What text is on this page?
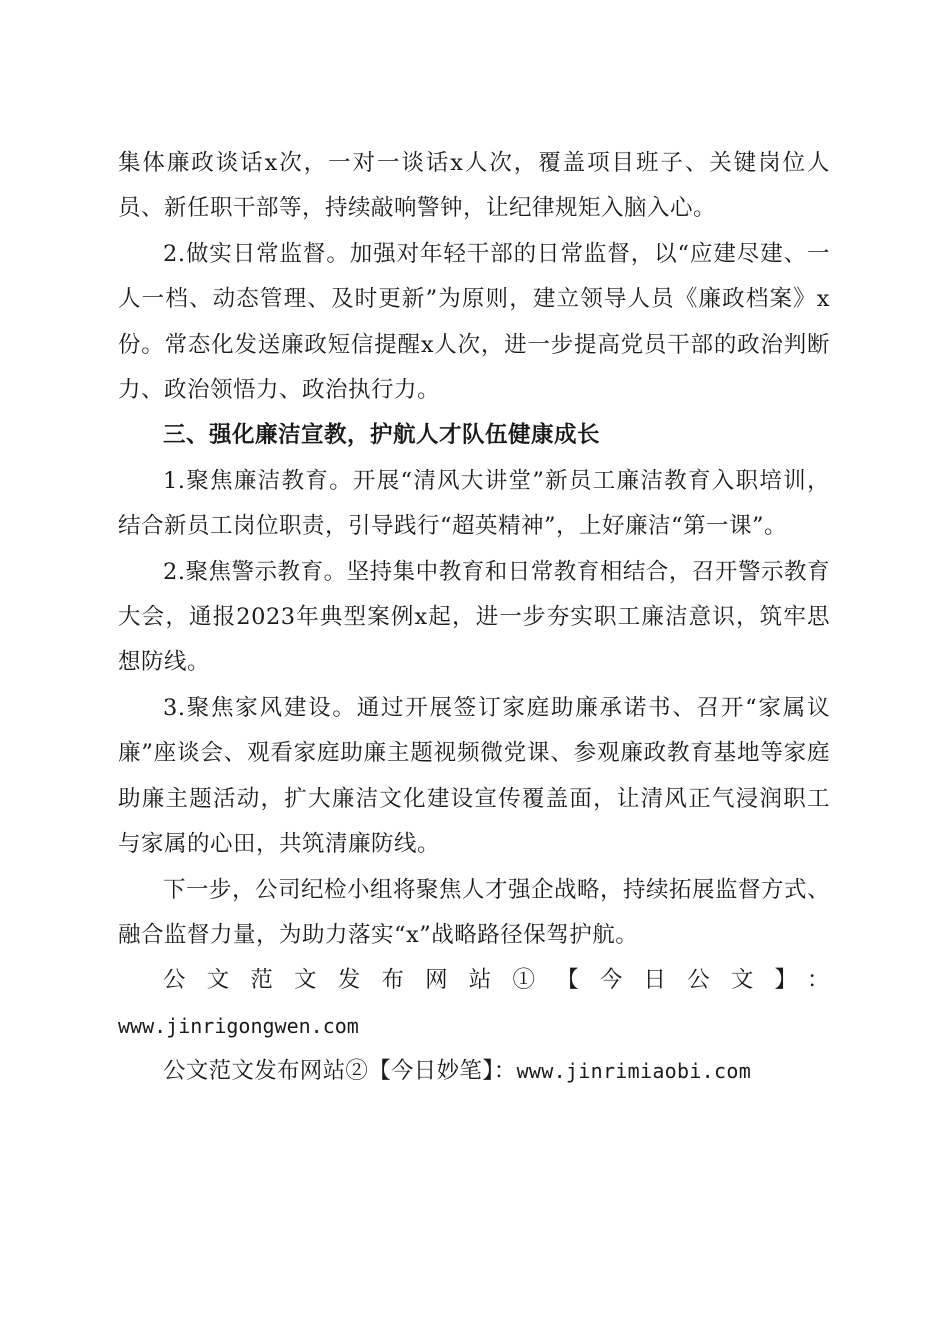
集体廉政谈话x次，一对一谈话x人次，覆盖项目班子、关键岗位人员、新任职干部等，持续敲响警钟，让纪律规矩入脑入心。

2.做实日常监督。加强对年轻干部的日常监督，以“应建尽建、一人一档、动态管理、及时更新”为原则，建立领导人员《廉政档案》x份。常态化发送廉政短信提醒x人次，进一步提高党员干部的政治判断力、政治领悟力、政治执行力。

三、强化廉洁宣教，护航人才队伍健康成长

1.聚焦廉洁教育。开展“清风大讲堂”新员工廉洁教育入职培训，结合新员工岗位职责，引导践行“超英精神”，上好廉洁“第一课”。

2.聚焦警示教育。坚持集中教育和日常教育相结合，召开警示教育大会，通报2023年典型案例x起，进一步夯实职工廉洁意识，筑牢思想防线。

3.聚焦家风建设。通过开展签订家庭助廉承诺书、召开“家属议廉”座谈会、观看家庭助廉主题视频微党课、参观廉政教育基地等家庭助廉主题活动，扩大廉洁文化建设宣传覆盖面，让清风正气浸润职工与家属的心田，共筑清廉防线。

下一步，公司纪检小组将聚焦人才强企战略，持续拓展监督方式、融合监督力量，为助力落实“x”战略路径保驾护航。

公文范文发布网站①【今日公文】：

www.jinrigongwen.com

公文范文发布网站②【今日妙笔】：www.jinrimiaobi.com
